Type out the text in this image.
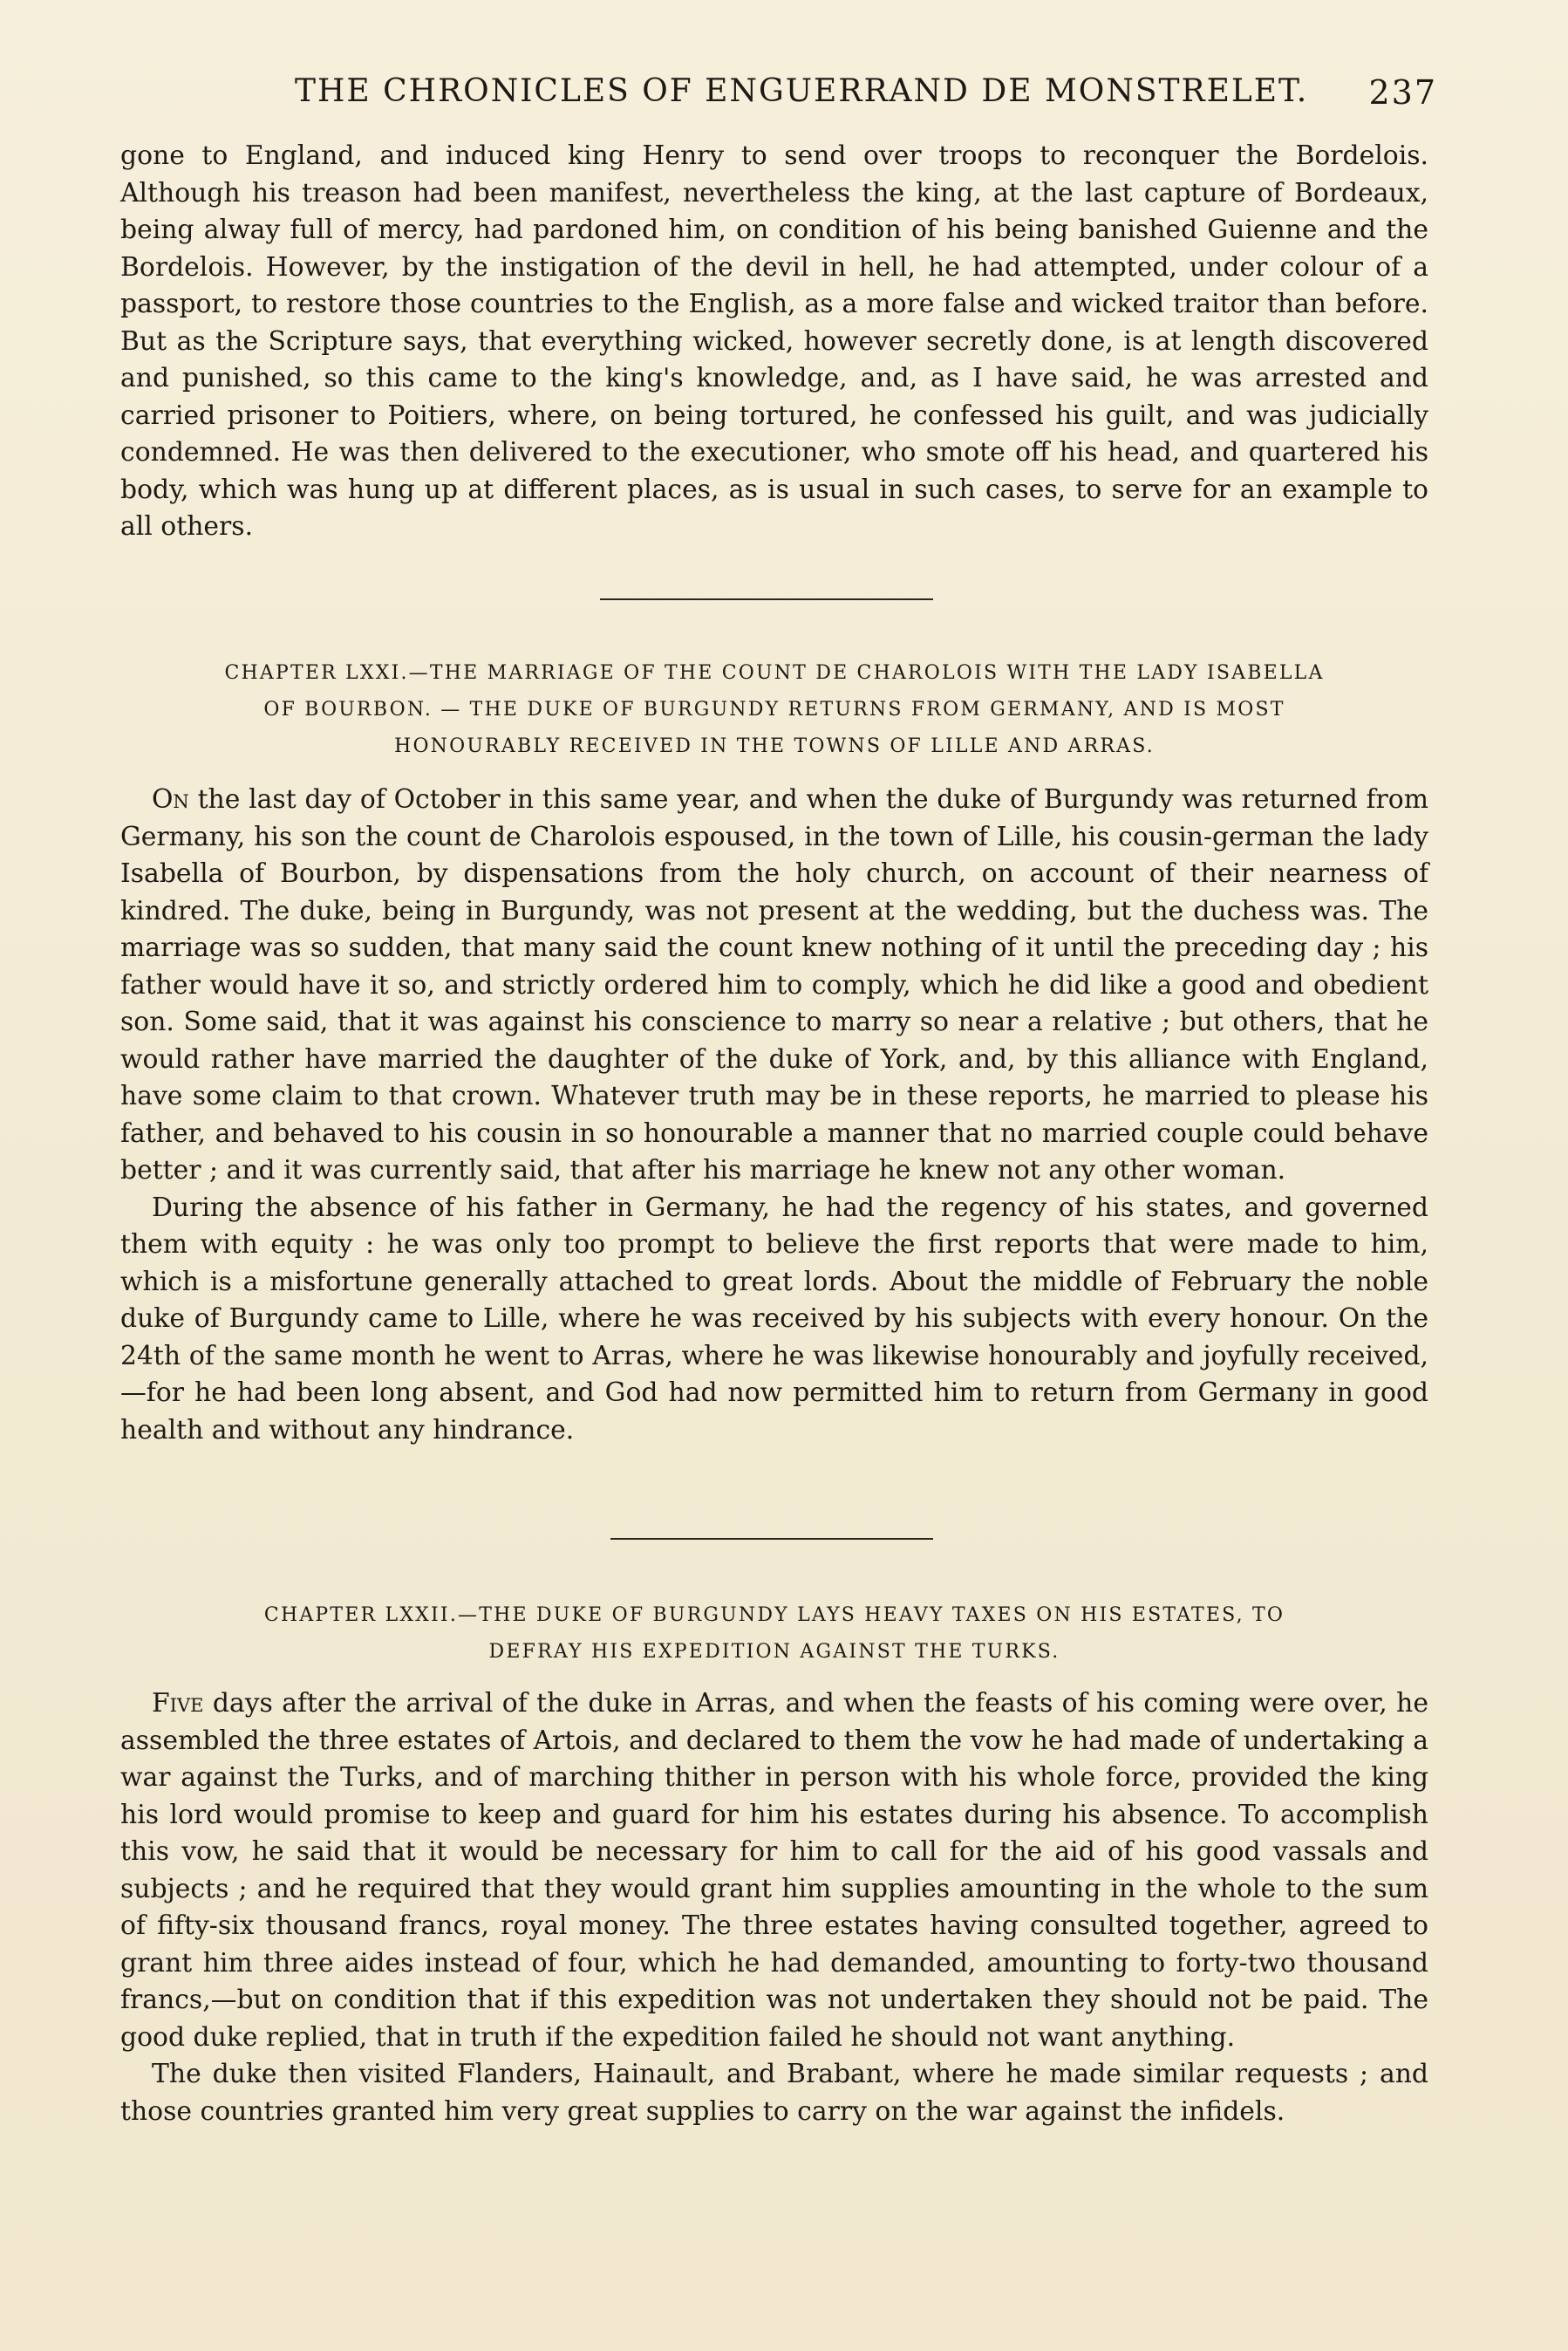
THE CHRONICLES OF ENGUERRAND DE MONSTRELET. 237

gone to England, and induced king Henry to send over troops to reconquer the Bordelois. Although his treason had been manifest, nevertheless the king, at the last capture of Bordeaux, being alway full of mercy, had pardoned him, on condition of his being banished Guienne and the Bordelois. However, by the instigation of the devil in hell, he had attempted, under colour of a passport, to restore those countries to the English, as a more false and wicked traitor than before. But as the Scripture says, that everything wicked, however secretly done, is at length discovered and punished, so this came to the king's knowledge, and, as I have said, he was arrested and carried prisoner to Poitiers, where, on being tortured, he confessed his guilt, and was judicially condemned. He was then delivered to the executioner, who smote off his head, and quartered his body, which was hung up at different places, as is usual in such cases, to serve for an example to all others.

CHAPTER LXXI.—THE MARRIAGE OF THE COUNT DE CHAROLOIS WITH THE LADY ISABELLA
OF BOURBON. — THE DUKE OF BURGUNDY RETURNS FROM GERMANY, AND IS MOST
HONOURABLY RECEIVED IN THE TOWNS OF LILLE AND ARRAS.

On the last day of October in this same year, and when the duke of Burgundy was returned from Germany, his son the count de Charolois espoused, in the town of Lille, his cousin-german the lady Isabella of Bourbon, by dispensations from the holy church, on account of their nearness of kindred. The duke, being in Burgundy, was not present at the wedding, but the duchess was. The marriage was so sudden, that many said the count knew nothing of it until the preceding day ; his father would have it so, and strictly ordered him to comply, which he did like a good and obedient son. Some said, that it was against his conscience to marry so near a relative ; but others, that he would rather have married the daughter of the duke of York, and, by this alliance with England, have some claim to that crown. Whatever truth may be in these reports, he married to please his father, and behaved to his cousin in so honourable a manner that no married couple could behave better ; and it was currently said, that after his marriage he knew not any other woman.

During the absence of his father in Germany, he had the regency of his states, and governed them with equity : he was only too prompt to believe the first reports that were made to him, which is a misfortune generally attached to great lords. About the middle of February the noble duke of Burgundy came to Lille, where he was received by his subjects with every honour. On the 24th of the same month he went to Arras, where he was likewise honourably and joyfully received,—for he had been long absent, and God had now permitted him to return from Germany in good health and without any hindrance.

CHAPTER LXXII.—THE DUKE OF BURGUNDY LAYS HEAVY TAXES ON HIS ESTATES, TO
DEFRAY HIS EXPEDITION AGAINST THE TURKS.

Five days after the arrival of the duke in Arras, and when the feasts of his coming were over, he assembled the three estates of Artois, and declared to them the vow he had made of undertaking a war against the Turks, and of marching thither in person with his whole force, provided the king his lord would promise to keep and guard for him his estates during his absence. To accomplish this vow, he said that it would be necessary for him to call for the aid of his good vassals and subjects ; and he required that they would grant him supplies amounting in the whole to the sum of fifty-six thousand francs, royal money. The three estates having consulted together, agreed to grant him three aides instead of four, which he had demanded, amounting to forty-two thousand francs,—but on condition that if this expedition was not undertaken they should not be paid. The good duke replied, that in truth if the expedition failed he should not want anything.

The duke then visited Flanders, Hainault, and Brabant, where he made similar requests ; and those countries granted him very great supplies to carry on the war against the infidels.
